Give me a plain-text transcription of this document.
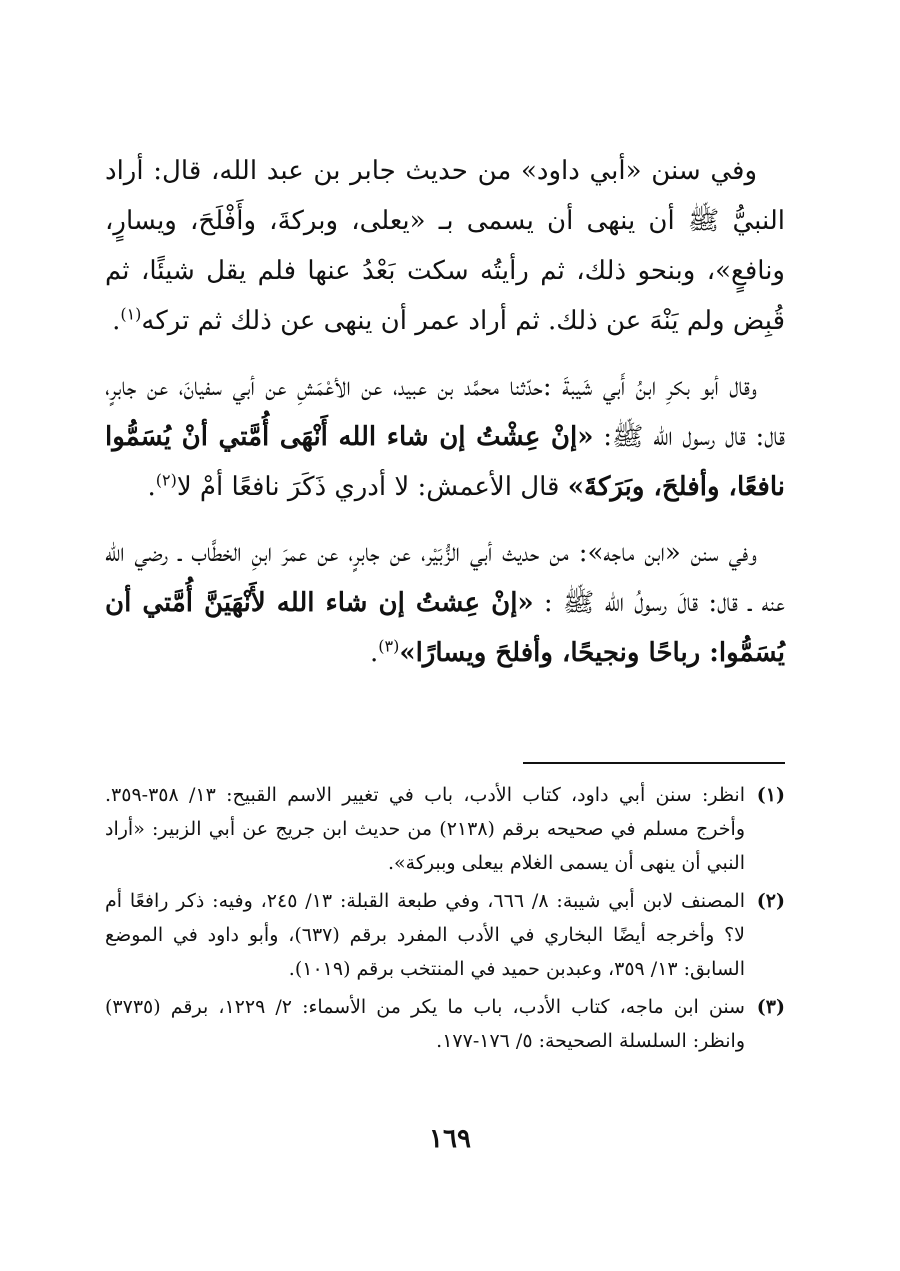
وفي سنن «أبي داود» من حديث جابر بن عبد الله، قال: أراد النبيُّ ﷺ أن ينهى أن يسمى بـ «يعلى، وبركةَ، وأَفْلَحَ، ويسارٍ، ونافعٍ»، وبنحو ذلك، ثم رأيتُه سكت بَعْدُ عنها فلم يقل شيئًا، ثم قُبِض ولم يَنْهَ عن ذلك. ثم أراد عمر أن ينهى عن ذلك ثم تركه$^{(١)}$.

وقال أبو بكرِ ابنُ أَبي شَيبةَ :حدّثنا محمَّد بن عبيد، عن الأعْمَشِ عن أبي سفيانَ، عن جابرٍ، قال: قال رسول الله ﷺ: «إنْ عِشْتُ إن شاء الله أَنْهَى أُمَّتي أنْ يُسَمُّوا نافعًا، وأفلحَ، وبَرَكةَ» قال الأعمش: لا أدري ذَكَرَ نافعًا أمْ لا$^{(٢)}$.

وفي سنن «ابن ماجه»: من حديث أبي الزُّبَيْر، عن جابرٍ، عن عمرَ ابنِ الخطَّاب ـ رضي الله عنه ـ قال: قالَ رسولُ الله ﷺ : «إنْ عِشتُ إن شاء الله لأَنْهَيَنَّ أُمَّتي أن يُسَمُّوا: رباحًا ونجيحًا، وأفلحَ ويسارًا»$^{(٣)}$.

(١)
انظر: سنن أبي داود، كتاب الأدب، باب في تغيير الاسم القبيح: ١٣/ ٣٥٨-٣٥٩. وأخرج مسلم في صحيحه برقم (٢١٣٨) من حديث ابن جريج عن أبي الزبير: «أراد النبي أن ينهى أن يسمى الغلام بيعلى وببركة».
(٢)
المصنف لابن أبي شيبة: ٨/ ٦٦٦، وفي طبعة القبلة: ١٣/ ٢٤٥، وفيه: ذكر رافعًا أم لا؟ وأخرجه أيضًا البخاري في الأدب المفرد برقم (٦٣٧)، وأبو داود في الموضع السابق: ١٣/ ٣٥٩، وعبدبن حميد في المنتخب برقم (١٠١٩).
(٣)
سنن ابن ماجه، كتاب الأدب، باب ما يكر من الأسماء: ٢/ ١٢٢٩، برقم (٣٧٣٥) وانظر: السلسلة الصحيحة: ٥/ ١٧٦-١٧٧.
١٦٩
